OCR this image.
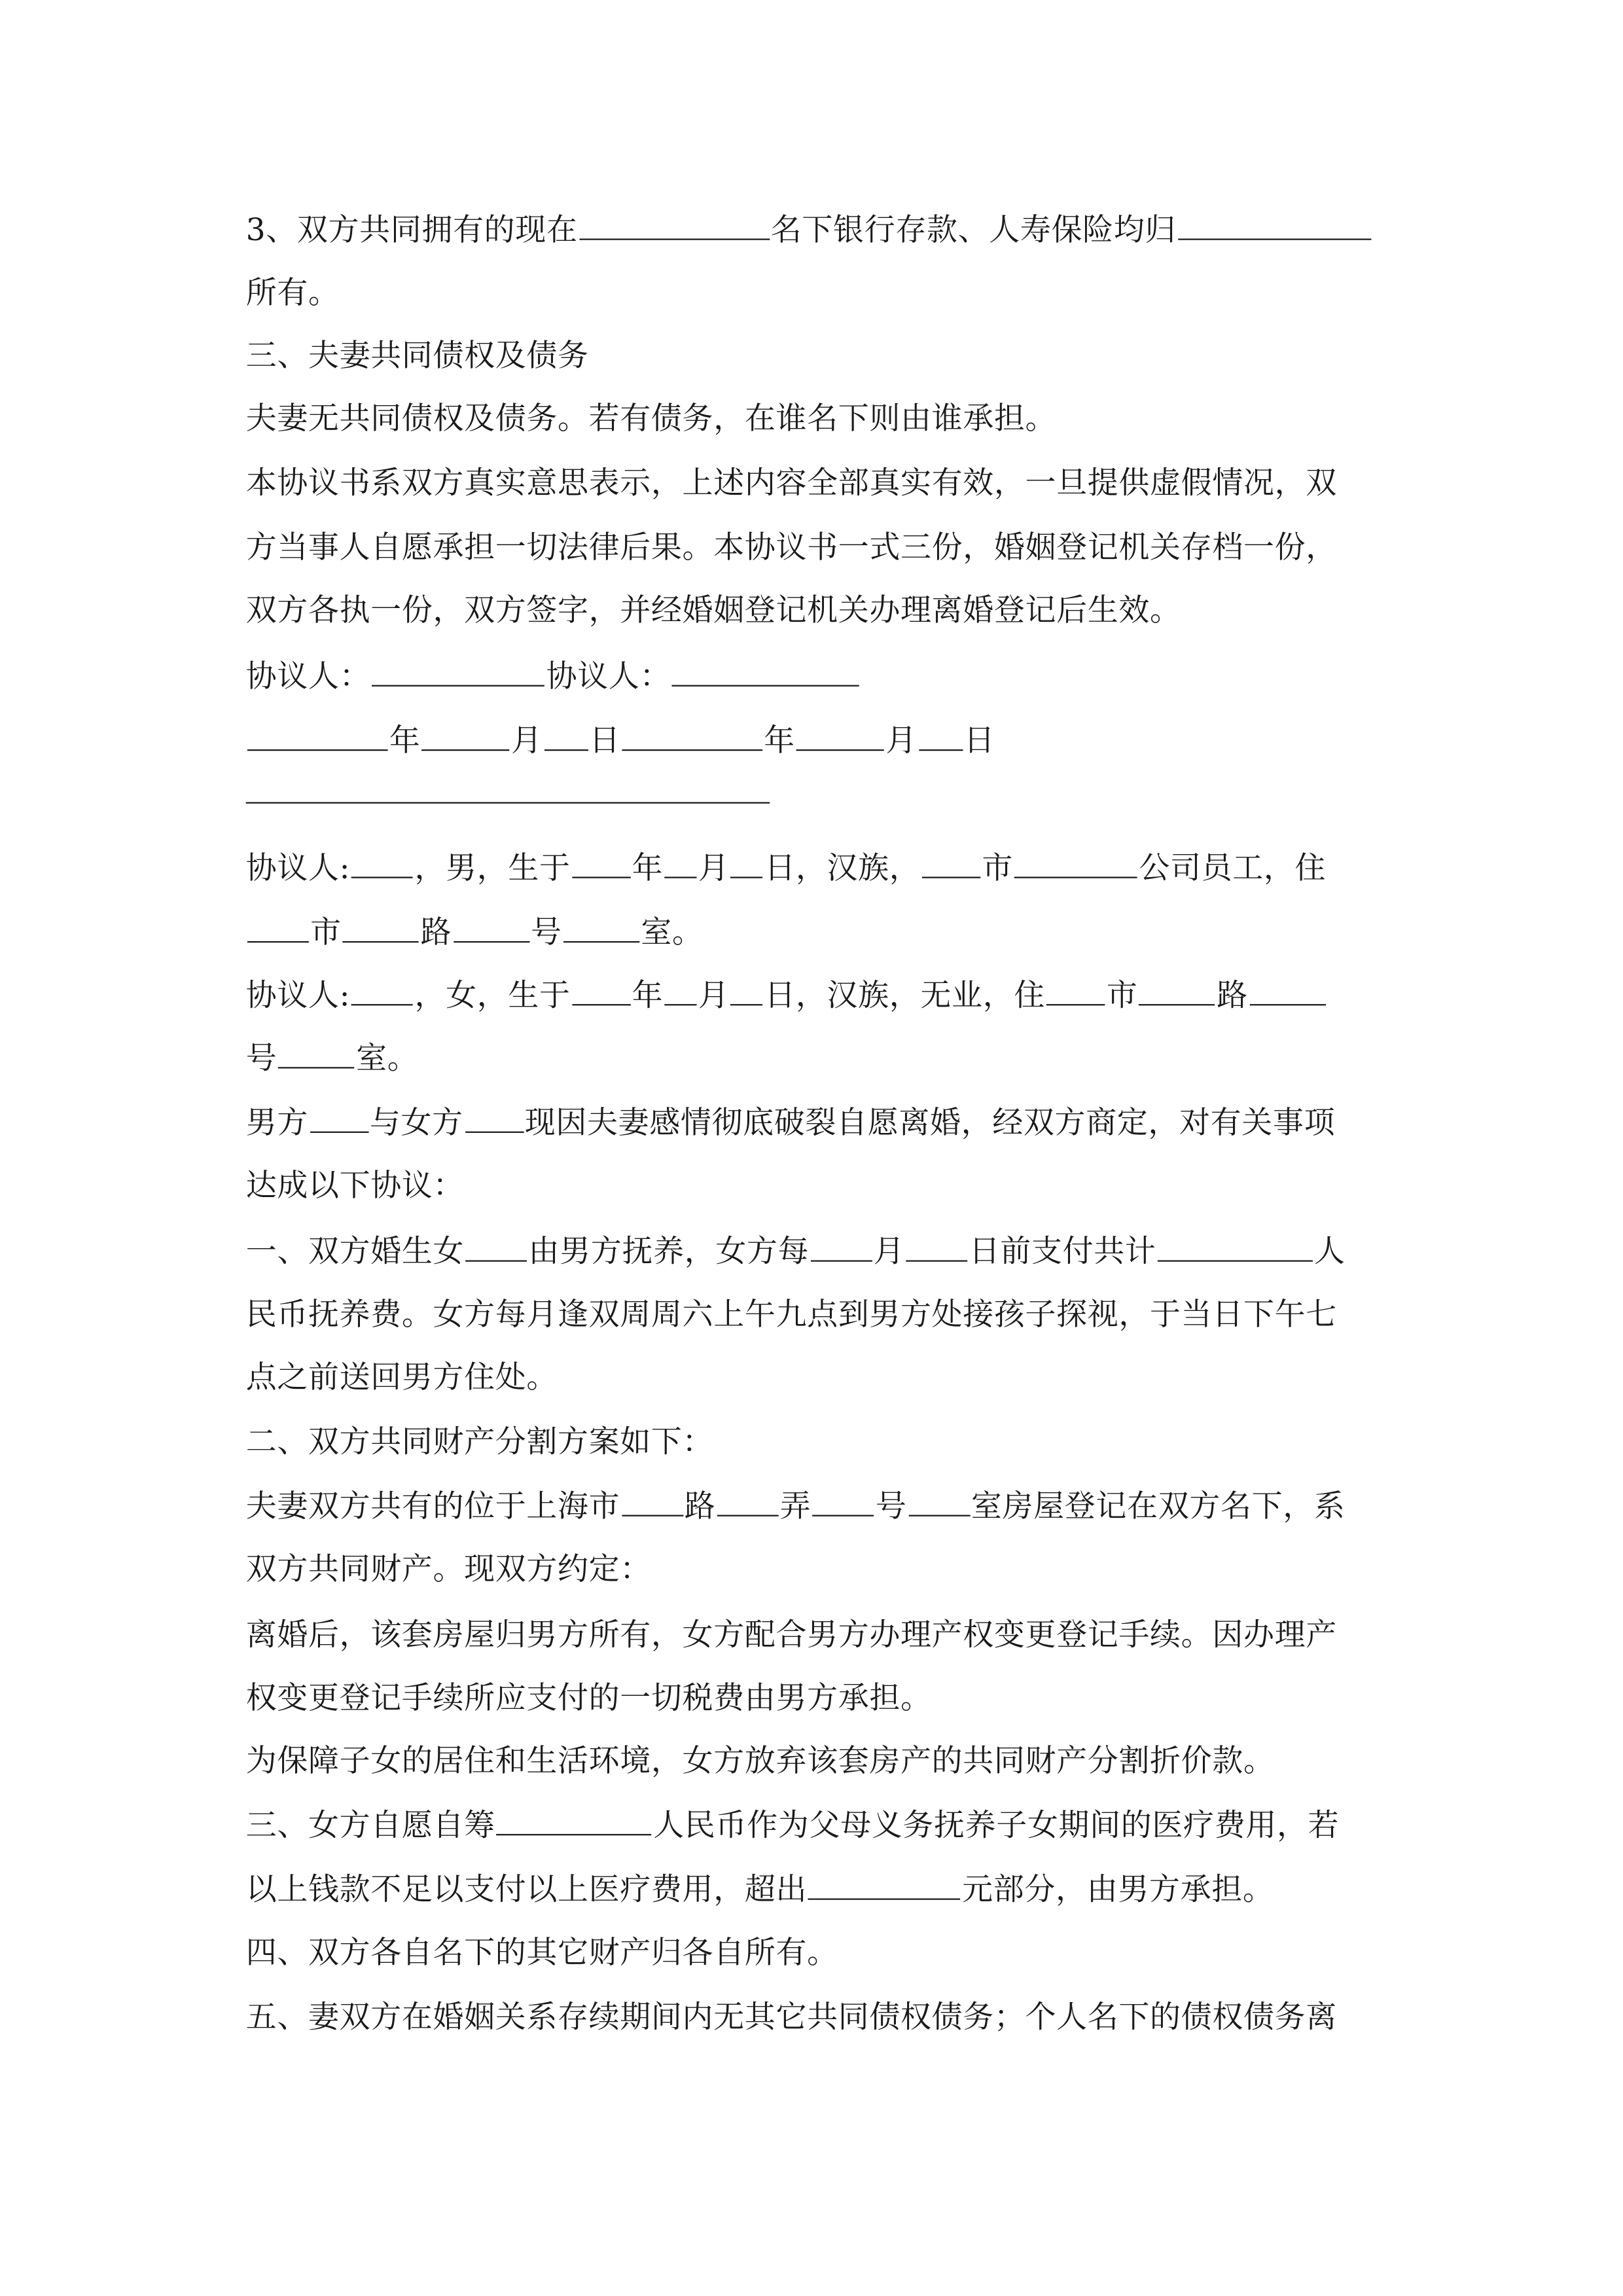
3、双方共同拥有的现在	名下银行存款、人寿保险均归
所有。
三、夫妻共同债权及债务
夫妻无共同债权及债务。若有债务，在谁名下则由谁承担。
本协议书系双方真实意思表示，上述内容全部真实有效，一旦提供虚假情况，双
方当事人自愿承担一切法律后果。本协议书一式三份，婚姻登记机关存档一份，
双方各执一份，双方签字，并经婚姻登记机关办理离婚登记后生效。
协议人：	协议人：
年	月	日	年	月	日
协议人:	，男，生于	年	月	日，汉族，	市	公司员工，住
市	路	号	室。
协议人:	，女，生于	年	月	日，汉族，无业，住	市	路
号	室。
男方	与女方	现因夫妻感情彻底破裂自愿离婚，经双方商定，对有关事项
达成以下协议：
一、双方婚生女	由男方抚养，女方每	月	日前支付共计	人
民币抚养费。女方每月逢双周周六上午九点到男方处接孩子探视，于当日下午七
点之前送回男方住处。
二、双方共同财产分割方案如下：
夫妻双方共有的位于上海市	路	弄	号	室房屋登记在双方名下，系
双方共同财产。现双方约定：
离婚后，该套房屋归男方所有，女方配合男方办理产权变更登记手续。因办理产
权变更登记手续所应支付的一切税费由男方承担。
为保障子女的居住和生活环境，女方放弃该套房产的共同财产分割折价款。
三、女方自愿自筹	人民币作为父母义务抚养子女期间的医疗费用，若
以上钱款不足以支付以上医疗费用，超出	元部分，由男方承担。
四、双方各自名下的其它财产归各自所有。
五、妻双方在婚姻关系存续期间内无其它共同债权债务；个人名下的债权债务离
